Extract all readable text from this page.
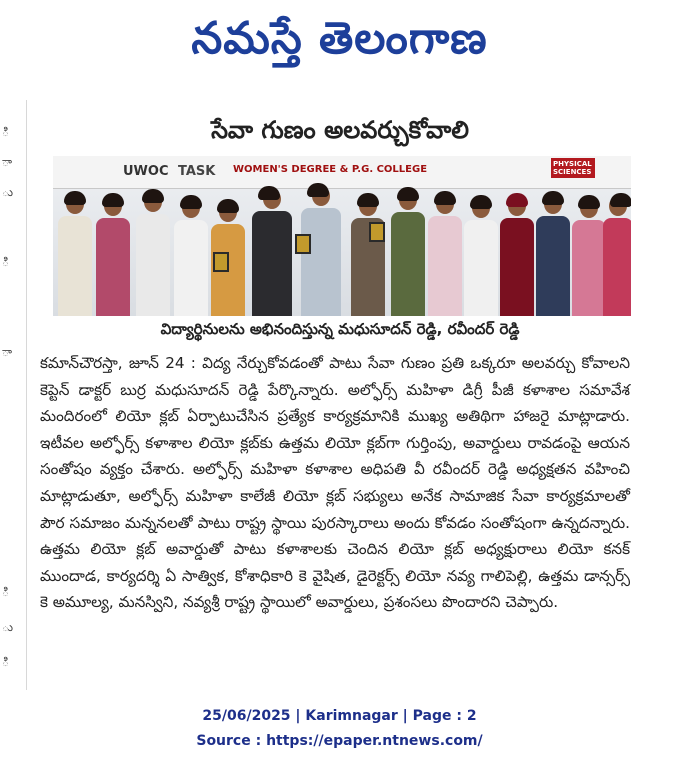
నమస్తే తెలంగాణ
ి
ా
ు
ి
ా
ి
ు
ి
సేవా గుణం అలవర్చుకోవాలి
UWOC TASK WOMEN'S DEGREE & P.G. COLLEGE	PHYSICAL SCIENCES
విద్యార్థినులను అభినందిస్తున్న మధుసూదన్ రెడ్డి, రవీందర్ రెడ్డి

కమాన్‌చౌరస్తా, జూన్ 24 : విద్య నేర్చుకోవడంతో పాటు సేవా గుణం ప్రతి ఒక్కరూ అలవర్చు కోవాలని కెప్టెన్ డాక్టర్ బుర్ర మధుసూదన్ రెడ్డి పేర్కొన్నారు. అల్ఫోర్స్ మహిళా డిగ్రీ పీజీ కళాశాల సమావేశ మందిరంలో లియో క్లబ్ ఏర్పాటుచేసిన ప్రత్యేక కార్యక్రమానికి ముఖ్య అతిథిగా హాజరై మాట్లాడారు. ఇటీవల అల్ఫోర్స్ కళాశాల లియో క్లబ్‌కు ఉత్తమ లియో క్లబ్‌గా గుర్తింపు, అవార్డులు రావడంపై ఆయన సంతోషం వ్యక్తం చేశారు. అల్ఫోర్స్ మహిళా కళాశాల అధిపతి వీ రవీందర్ రెడ్డి అధ్యక్షతన వహించి మాట్లాడుతూ, అల్ఫోర్స్ మహిళా కాలేజీ లియో క్లబ్ సభ్యులు అనేక సామాజిక సేవా కార్యక్రమాలతో పౌర సమాజం మన్ననలతో పాటు రాష్ట్ర స్థాయి పురస్కారాలు అందు కోవడం సంతోషంగా ఉన్నదన్నారు. ఉత్తమ లియో క్లబ్ అవార్డుతో పాటు కళాశాలకు చెందిన లియో క్లబ్ అధ్యక్షురాలు లియో కనక్ ముందాడ, కార్యదర్శి ఏ సాత్విక, కోశాధికారి కె వైషిత, డైరెక్టర్స్ లియో నవ్య గాలిపెల్లి, ఉత్తమ డాన్సర్స్ కె అమూల్య, మనస్విని, నవ్యశ్రీ రాష్ట్ర స్థాయిలో అవార్డులు, ప్రశంసలు పొందారని చెప్పారు.

25/06/2025 | Karimnagar | Page : 2
Source : https://epaper.ntnews.com/
